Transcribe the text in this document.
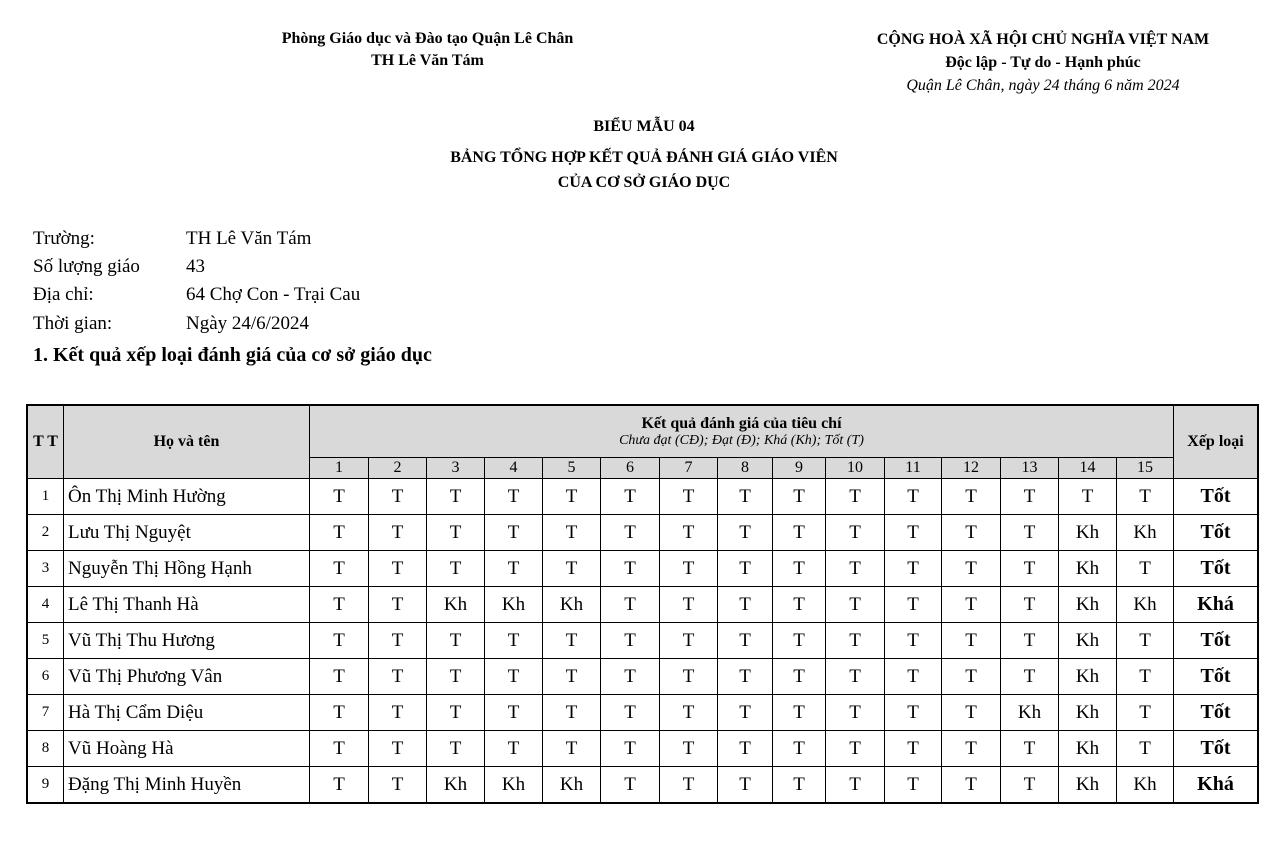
Phòng Giáo dục và Đào tạo Quận Lê Chân
TH Lê Văn Tám
CỘNG HOÀ XÃ HỘI CHỦ NGHĨA VIỆT NAM
Độc lập - Tự do - Hạnh phúc
Quận Lê Chân, ngày 24 tháng 6 năm 2024
BIỂU MẪU 04
BẢNG TỔNG HỢP KẾT QUẢ ĐÁNH GIÁ GIÁO VIÊN
CỦA CƠ SỞ GIÁO DỤC
Trường:	TH Lê Văn Tám
Số lượng giáo 43
Địa chỉ:	64 Chợ Con - Trại Cau
Thời gian:	Ngày 24/6/2024
1. Kết quả xếp loại đánh giá của cơ sở giáo dục
T T	Họ và tên	Kết quả đánh giá của tiêu chí
Chưa đạt (CĐ); Đạt (Đ); Khá (Kh); Tốt (T)															Xếp loại
		1	2	3	4	5	6	7	8	9	10	11	12	13	14	15	
1	Ôn Thị Minh Hường	T	T	T	T	T	T	T	T	T	T	T	T	T	T	T	Tốt
2	Lưu Thị Nguyệt	T	T	T	T	T	T	T	T	T	T	T	T	T	Kh	Kh	Tốt
3	Nguyễn Thị Hồng Hạnh	T	T	T	T	T	T	T	T	T	T	T	T	T	Kh	T	Tốt
4	Lê Thị Thanh Hà	T	T	Kh	Kh	Kh	T	T	T	T	T	T	T	T	Kh	Kh	Khá
5	Vũ Thị Thu Hương	T	T	T	T	T	T	T	T	T	T	T	T	T	Kh	T	Tốt
6	Vũ Thị Phương Vân	T	T	T	T	T	T	T	T	T	T	T	T	T	Kh	T	Tốt
7	Hà Thị Cẩm Diệu	T	T	T	T	T	T	T	T	T	T	T	T	Kh	Kh	T	Tốt
8	Vũ Hoàng Hà	T	T	T	T	T	T	T	T	T	T	T	T	T	Kh	T	Tốt
9	Đặng Thị Minh Huyền	T	T	Kh	Kh	Kh	T	T	T	T	T	T	T	T	Kh	Kh	Khá
